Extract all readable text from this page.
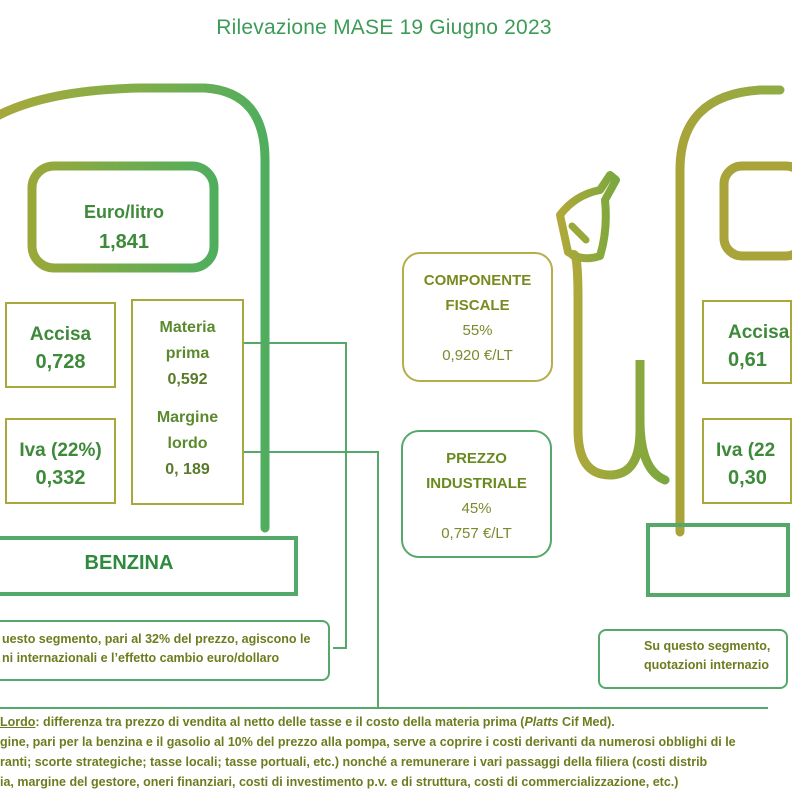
Rilevazione MASE 19 Giugno 2023
Euro/litro
1,841
Accisa
0,728
Iva (22%)
0,332
Materia
prima
0,592
Margine
lordo
0, 189
BENZINA
uesto segmento, pari al 32% del prezzo, agiscono le
ni internazionali e l’effetto cambio euro/dollaro
COMPONENTE
FISCALE
55%
0,920 €/LT
PREZZO
INDUSTRIALE
45%
0,757 €/LT
Accisa
0,61
Iva (22
0,30
Su questo segmento,
quotazioni internazio
Lordo: differenza tra prezzo di vendita al netto delle tasse e il costo della materia prima (Platts Cif Med).
gine, pari per la benzina e il gasolio al 10% del prezzo alla pompa, serve a coprire i costi derivanti da numerosi obblighi di le
ranti; scorte strategiche; tasse locali; tasse portuali, etc.) nonché a remunerare i vari passaggi della filiera (costi distrib
ia, margine del gestore, oneri finanziari, costi di investimento p.v. e di struttura, costi di commercializzazione, etc.)
